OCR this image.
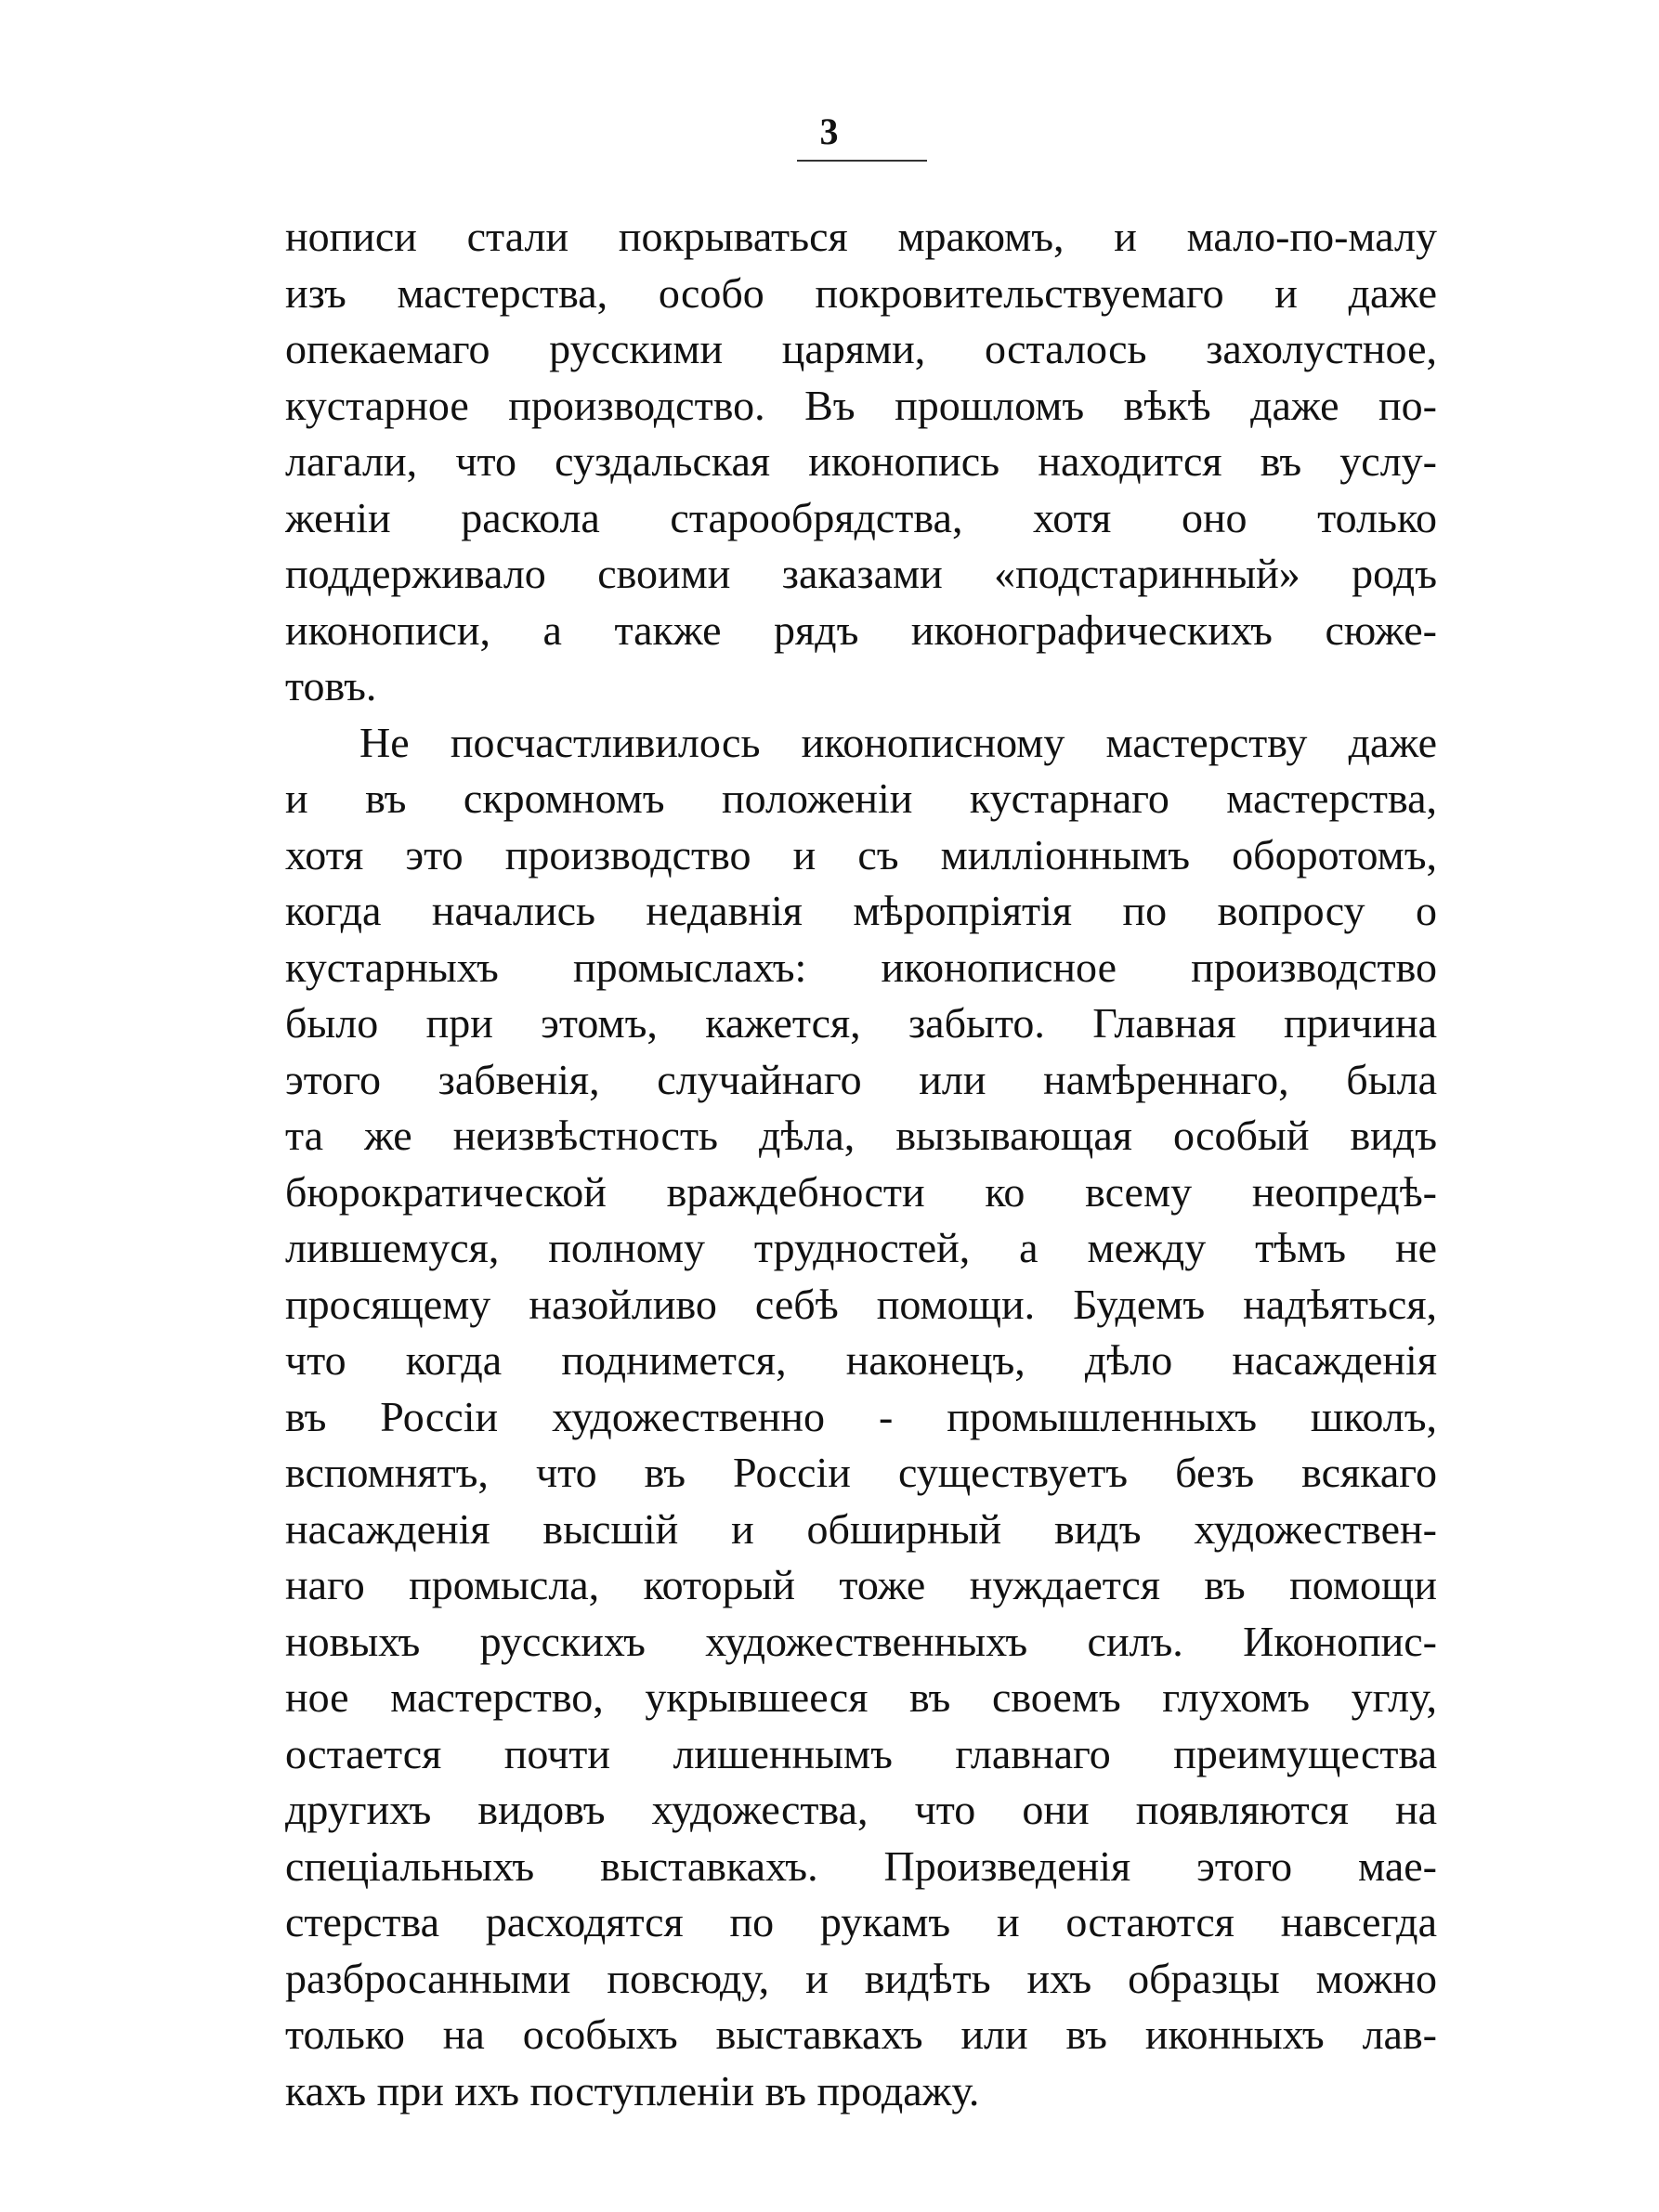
3

нописи стали покрываться мракомъ, и мало-по-малу
изъ мастерства, особо покровительствуемаго и даже
опекаемаго русскими царями, осталось захолустное,
кустарное производство. Въ прошломъ вѣкѣ даже по-
лагали, что суздальская иконопись находится въ услу-
женіи раскола старообрядства, хотя оно только
поддерживало своими заказами «подстаринный» родъ
иконописи, а также рядъ иконографическихъ сюже-
товъ.

Не посчастливилось иконописному мастерству даже
и въ скромномъ положеніи кустарнаго мастерства,
хотя это производство и съ милліоннымъ оборотомъ,
когда начались недавнія мѣропріятія по вопросу о
кустарныхъ промыслахъ: иконописное производство
было при этомъ, кажется, забыто. Главная причина
этого забвенія, случайнаго или намѣреннаго, была
та же неизвѣстность дѣла, вызывающая особый видъ
бюрократической враждебности ко всему неопредѣ-
лившемуся, полному трудностей, а между тѣмъ не
просящему назойливо себѣ помощи. Будемъ надѣяться,
что когда поднимется, наконецъ, дѣло насажденія
въ Россіи художественно - промышленныхъ школъ,
вспомнятъ, что въ Россіи существуетъ безъ всякаго
насажденія высшій и обширный видъ художествен-
наго промысла, который тоже нуждается въ помощи
новыхъ русскихъ художественныхъ силъ. Иконопис-
ное мастерство, укрывшееся въ своемъ глухомъ углу,
остается почти лишеннымъ главнаго преимущества
другихъ видовъ художества, что они появляются на
спеціальныхъ выставкахъ. Произведенія этого мае-
стерства расходятся по рукамъ и остаются навсегда
разбросанными повсюду, и видѣть ихъ образцы можно
только на особыхъ выставкахъ или въ иконныхъ лав-
кахъ при ихъ поступленіи въ продажу.
